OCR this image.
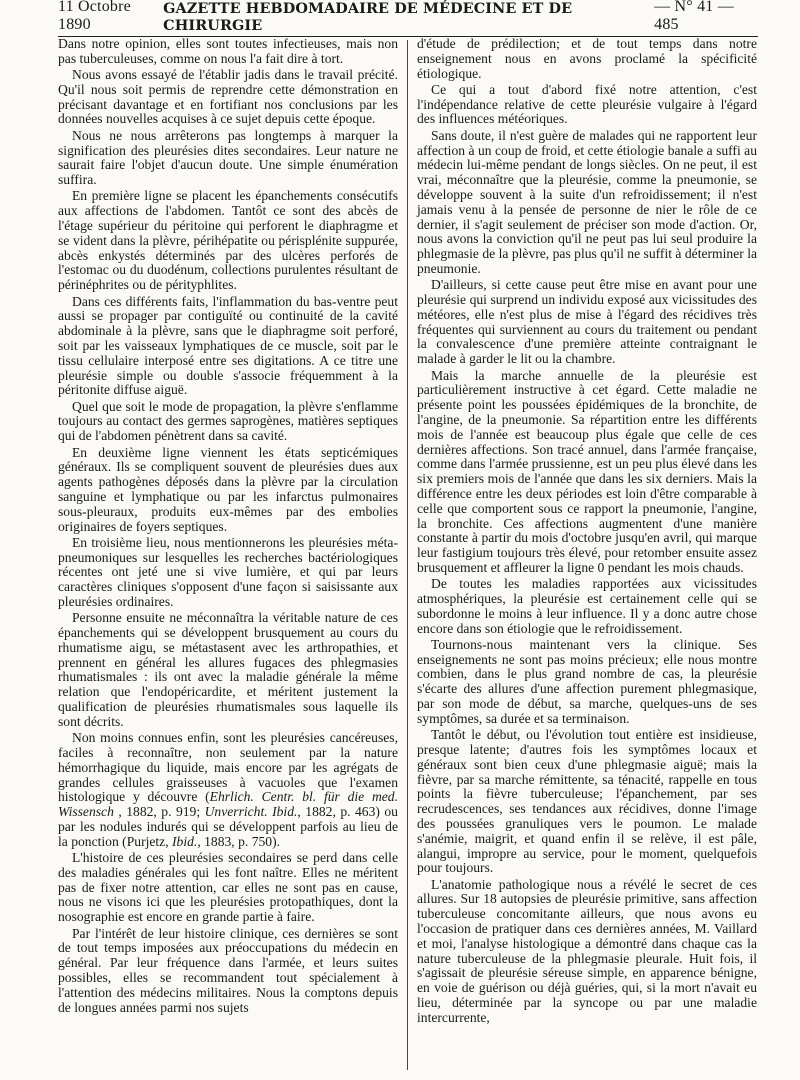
11 Octobre 1890
GAZETTE HEBDOMADAIRE DE MÉDECINE ET DE CHIRURGIE
— N° 41 — 485

Dans notre opinion, elles sont toutes infectieuses, mais non pas tuberculeuses, comme on nous l'a fait dire à tort.

Nous avons essayé de l'établir jadis dans le travail précité. Qu'il nous soit permis de reprendre cette démonstration en précisant davantage et en fortifiant nos conclusions par les données nouvelles acquises à ce sujet depuis cette époque.

Nous ne nous arrêterons pas longtemps à marquer la signification des pleurésies dites secondaires. Leur nature ne saurait faire l'objet d'aucun doute. Une simple énumération suffira.

En première ligne se placent les épanchements consécutifs aux affections de l'abdomen. Tantôt ce sont des abcès de l'étage supérieur du péritoine qui perforent le diaphragme et se vident dans la plèvre, périhépatite ou périsplénite suppurée, abcès enkystés déterminés par des ulcères perforés de l'estomac ou du duodénum, collections purulentes résultant de périnéphrites ou de pérityphlites.

Dans ces différents faits, l'inflammation du bas-ventre peut aussi se propager par contiguïté ou continuité de la cavité abdominale à la plèvre, sans que le diaphragme soit perforé, soit par les vaisseaux lymphatiques de ce muscle, soit par le tissu cellulaire interposé entre ses digitations. A ce titre une pleurésie simple ou double s'associe fréquemment à la péritonite diffuse aiguë.

Quel que soit le mode de propagation, la plèvre s'enflamme toujours au contact des germes saprogènes, matières septiques qui de l'abdomen pénètrent dans sa cavité.

En deuxième ligne viennent les états septicémiques généraux. Ils se compliquent souvent de pleurésies dues aux agents pathogènes déposés dans la plèvre par la circulation sanguine et lymphatique ou par les infarctus pulmonaires sous-pleuraux, produits eux-mêmes par des embolies originaires de foyers septiques.

En troisième lieu, nous mentionnerons les pleurésies méta-pneumoniques sur lesquelles les recherches bactériologiques récentes ont jeté une si vive lumière, et qui par leurs caractères cliniques s'opposent d'une façon si saisissante aux pleurésies ordinaires.

Personne ensuite ne méconnaîtra la véritable nature de ces épanchements qui se développent brusquement au cours du rhumatisme aigu, se métastasent avec les arthropathies, et prennent en général les allures fugaces des phlegmasies rhumatismales : ils ont avec la maladie générale la même relation que l'endopéricardite, et méritent justement la qualification de pleurésies rhumatismales sous laquelle ils sont décrits.

Non moins connues enfin, sont les pleurésies cancéreuses, faciles à reconnaître, non seulement par la nature hémorrhagique du liquide, mais encore par les agrégats de grandes cellules graisseuses à vacuoles que l'examen histologique y découvre (Ehrlich. Centr. bl. für die med. Wissensch , 1882, p. 919; Unverricht. Ibid., 1882, p. 463) ou par les nodules indurés qui se développent parfois au lieu de la ponction (Purjetz, Ibid., 1883, p. 750).

L'histoire de ces pleurésies secondaires se perd dans celle des maladies générales qui les font naître. Elles ne méritent pas de fixer notre attention, car elles ne sont pas en cause, nous ne visons ici que les pleurésies protopathiques, dont la nosographie est encore en grande partie à faire.

Par l'intérêt de leur histoire clinique, ces dernières se sont de tout temps imposées aux préoccupations du médecin en général. Par leur fréquence dans l'armée, et leurs suites possibles, elles se recommandent tout spécialement à l'attention des médecins militaires. Nous la comptons depuis de longues années parmi nos sujets

d'étude de prédilection; et de tout temps dans notre enseignement nous en avons proclamé la spécificité étiologique.

Ce qui a tout d'abord fixé notre attention, c'est l'indépendance relative de cette pleurésie vulgaire à l'égard des influences météoriques.

Sans doute, il n'est guère de malades qui ne rapportent leur affection à un coup de froid, et cette étiologie banale a suffi au médecin lui-même pendant de longs siècles. On ne peut, il est vrai, méconnaître que la pleurésie, comme la pneumonie, se développe souvent à la suite d'un refroidissement; il n'est jamais venu à la pensée de personne de nier le rôle de ce dernier, il s'agit seulement de préciser son mode d'action. Or, nous avons la conviction qu'il ne peut pas lui seul produire la phlegmasie de la plèvre, pas plus qu'il ne suffit à déterminer la pneumonie.

D'ailleurs, si cette cause peut être mise en avant pour une pleurésie qui surprend un individu exposé aux vicissitudes des météores, elle n'est plus de mise à l'égard des récidives très fréquentes qui surviennent au cours du traitement ou pendant la convalescence d'une première atteinte contraignant le malade à garder le lit ou la chambre.

Mais la marche annuelle de la pleurésie est particulièrement instructive à cet égard. Cette maladie ne présente point les poussées épidémiques de la bronchite, de l'angine, de la pneumonie. Sa répartition entre les différents mois de l'année est beaucoup plus égale que celle de ces dernières affections. Son tracé annuel, dans l'armée française, comme dans l'armée prussienne, est un peu plus élevé dans les six premiers mois de l'année que dans les six derniers. Mais la différence entre les deux périodes est loin d'être comparable à celle que comportent sous ce rapport la pneumonie, l'angine, la bronchite. Ces affections augmentent d'une manière constante à partir du mois d'octobre jusqu'en avril, qui marque leur fastigium toujours très élevé, pour retomber ensuite assez brusquement et affleurer la ligne 0 pendant les mois chauds.

De toutes les maladies rapportées aux vicissitudes atmosphériques, la pleurésie est certainement celle qui se subordonne le moins à leur influence. Il y a donc autre chose encore dans son étiologie que le refroidissement.

Tournons-nous maintenant vers la clinique. Ses enseignements ne sont pas moins précieux; elle nous montre combien, dans le plus grand nombre de cas, la pleurésie s'écarte des allures d'une affection purement phlegmasique, par son mode de début, sa marche, quelques-uns de ses symptômes, sa durée et sa terminaison.

Tantôt le début, ou l'évolution tout entière est insidieuse, presque latente; d'autres fois les symptômes locaux et généraux sont bien ceux d'une phlegmasie aiguë; mais la fièvre, par sa marche rémittente, sa ténacité, rappelle en tous points la fièvre tuberculeuse; l'épanchement, par ses recrudescences, ses tendances aux récidives, donne l'image des poussées granuliques vers le poumon. Le malade s'anémie, maigrit, et quand enfin il se relève, il est pâle, alangui, impropre au service, pour le moment, quelquefois pour toujours.

L'anatomie pathologique nous a révélé le secret de ces allures. Sur 18 autopsies de pleurésie primitive, sans affection tuberculeuse concomitante ailleurs, que nous avons eu l'occasion de pratiquer dans ces dernières années, M. Vaillard et moi, l'analyse histologique a démontré dans chaque cas la nature tuberculeuse de la phlegmasie pleurale. Huit fois, il s'agissait de pleurésie séreuse simple, en apparence bénigne, en voie de guérison ou déjà guéries, qui, si la mort n'avait eu lieu, déterminée par la syncope ou par une maladie intercurrente,
